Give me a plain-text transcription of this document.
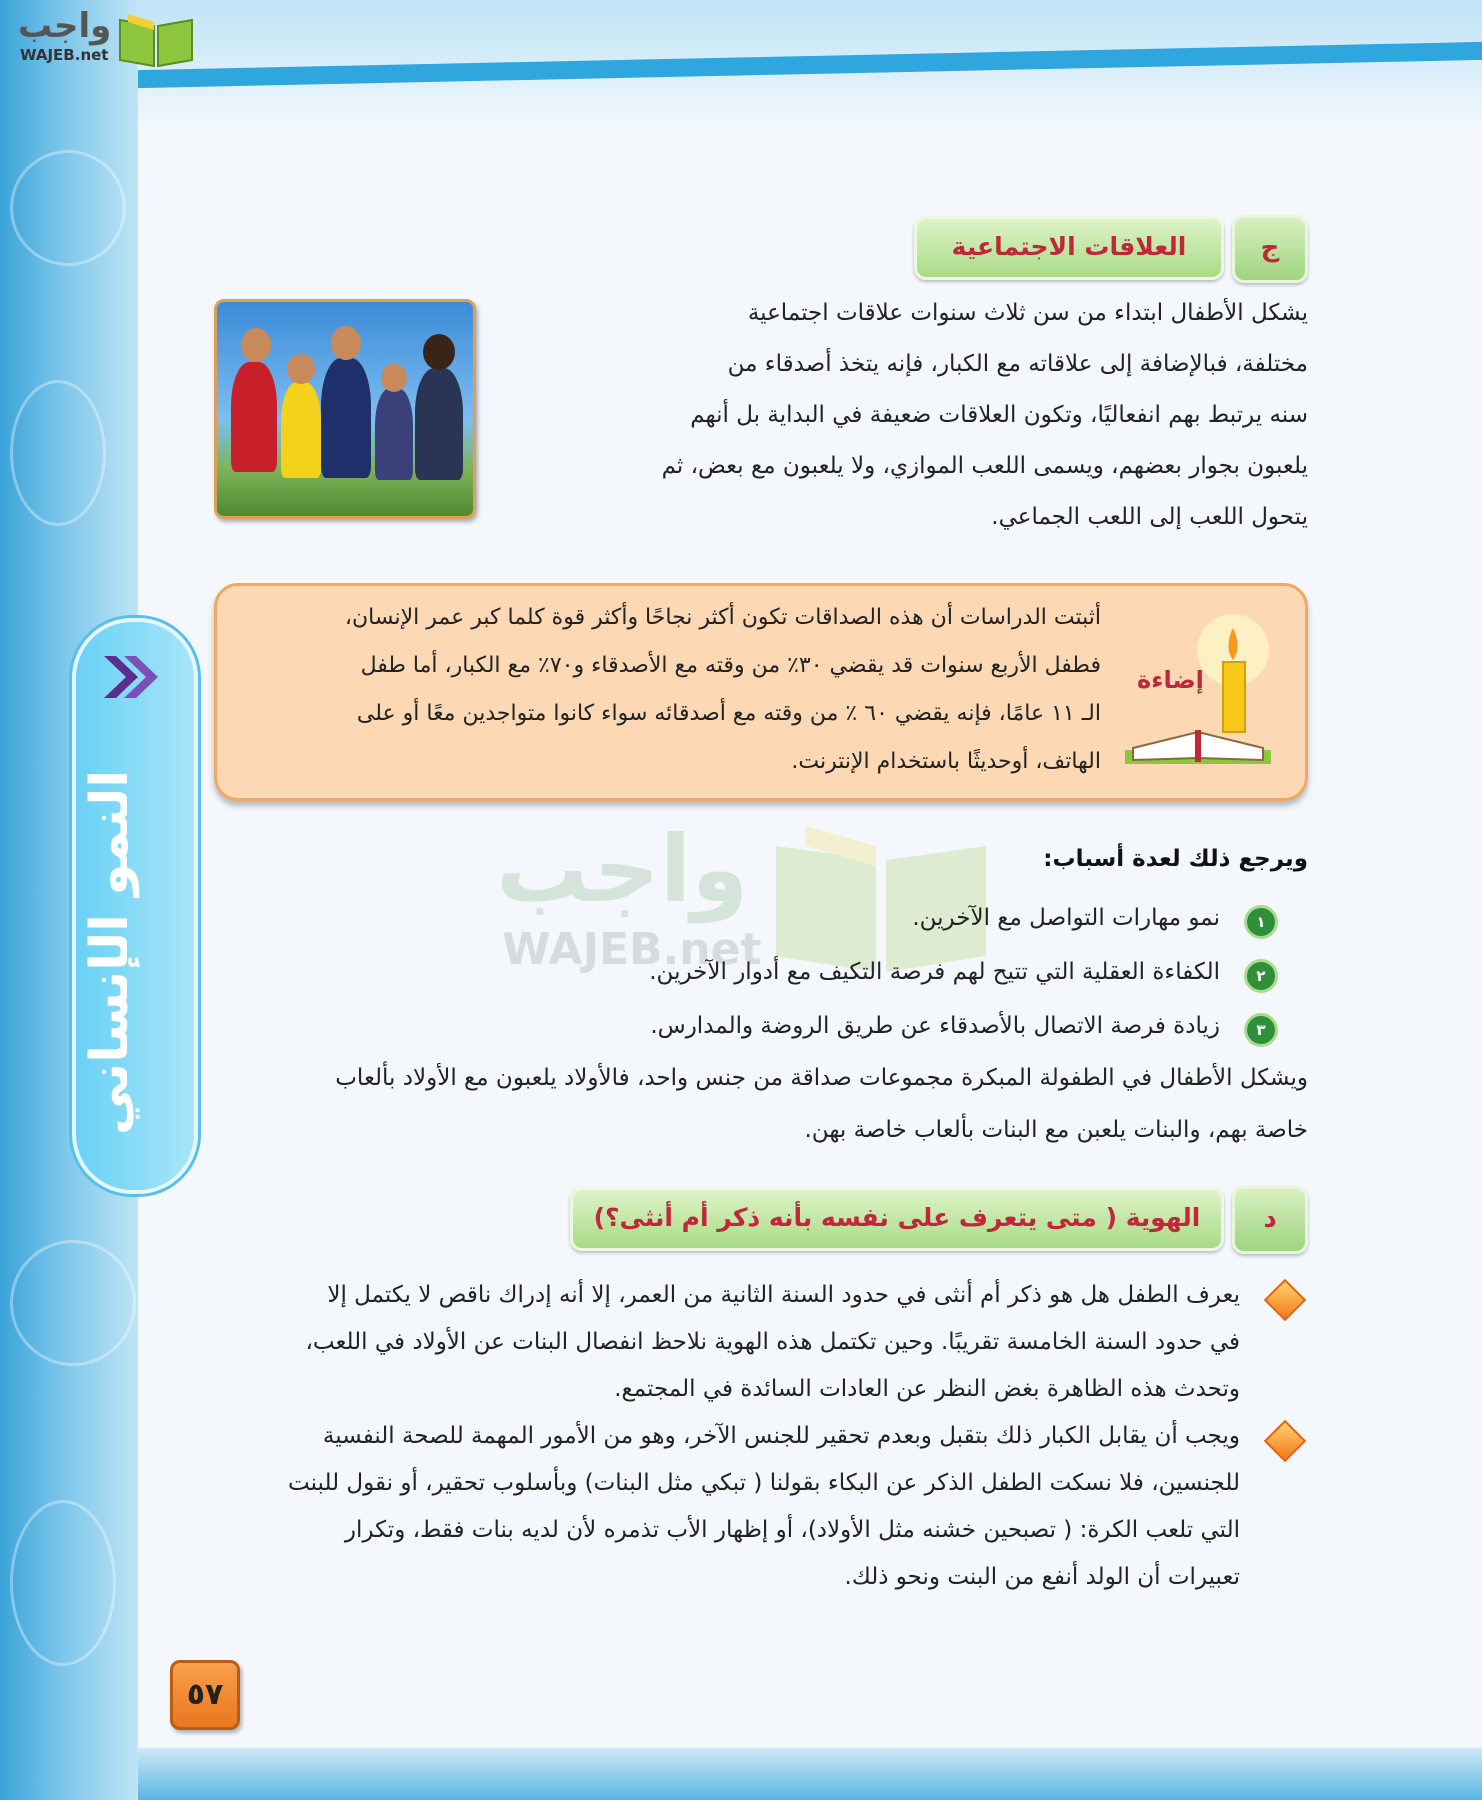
واجب
WAJEB.net
النمو الإنساني
ج
العلاقات الاجتماعية
يشكل الأطفال ابتداء من سن ثلاث سنوات علاقات اجتماعية
مختلفة، فبالإضافة إلى علاقاته مع الكبار، فإنه يتخذ أصدقاء من
سنه يرتبط بهم انفعاليًا، وتكون العلاقات ضعيفة في البداية بل أنهم
يلعبون بجوار بعضهم، ويسمى اللعب الموازي، ولا يلعبون مع بعض، ثم
يتحول اللعب إلى اللعب الجماعي.
أثبتت الدراسات أن هذه الصداقات تكون أكثر نجاحًا وأكثر قوة كلما كبر عمر الإنسان،
فطفل الأربع سنوات قد يقضي ٣٠٪ من وقته مع الأصدقاء و٧٠٪ مع الكبار، أما طفل
الـ ١١ عامًا، فإنه يقضي ٦٠ ٪ من وقته مع أصدقائه سواء كانوا متواجدين معًا أو على
الهاتف، أوحديثًا باستخدام الإنترنت.
إضاءة
واجب
WAJEB.net
ويرجع ذلك لعدة أسباب:
١
نمو مهارات التواصل مع الآخرين.
٢
الكفاءة العقلية التي تتيح لهم فرصة التكيف مع أدوار الآخرين.
٣
زيادة فرصة الاتصال بالأصدقاء عن طريق الروضة والمدارس.
ويشكل الأطفال في الطفولة المبكرة مجموعات صداقة من جنس واحد، فالأولاد يلعبون مع الأولاد بألعاب
خاصة بهم، والبنات يلعبن مع البنات بألعاب خاصة بهن.
د
الهوية ( متى يتعرف على نفسه بأنه ذكر أم أنثى؟)
يعرف الطفل هل هو ذكر أم أنثى في حدود السنة الثانية من العمر، إلا أنه إدراك ناقص لا يكتمل إلا
في حدود السنة الخامسة تقريبًا. وحين تكتمل هذه الهوية نلاحظ انفصال البنات عن الأولاد في اللعب،
وتحدث هذه الظاهرة بغض النظر عن العادات السائدة في المجتمع.
ويجب أن يقابل الكبار ذلك بتقبل وبعدم تحقير للجنس الآخر، وهو من الأمور المهمة للصحة النفسية
للجنسين، فلا نسكت الطفل الذكر عن البكاء بقولنا ( تبكي مثل البنات) وبأسلوب تحقير، أو نقول للبنت
التي تلعب الكرة: ( تصبحين خشنه مثل الأولاد)، أو إظهار الأب تذمره لأن لديه بنات فقط، وتكرار
تعبيرات أن الولد أنفع من البنت ونحو ذلك.
٥٧
